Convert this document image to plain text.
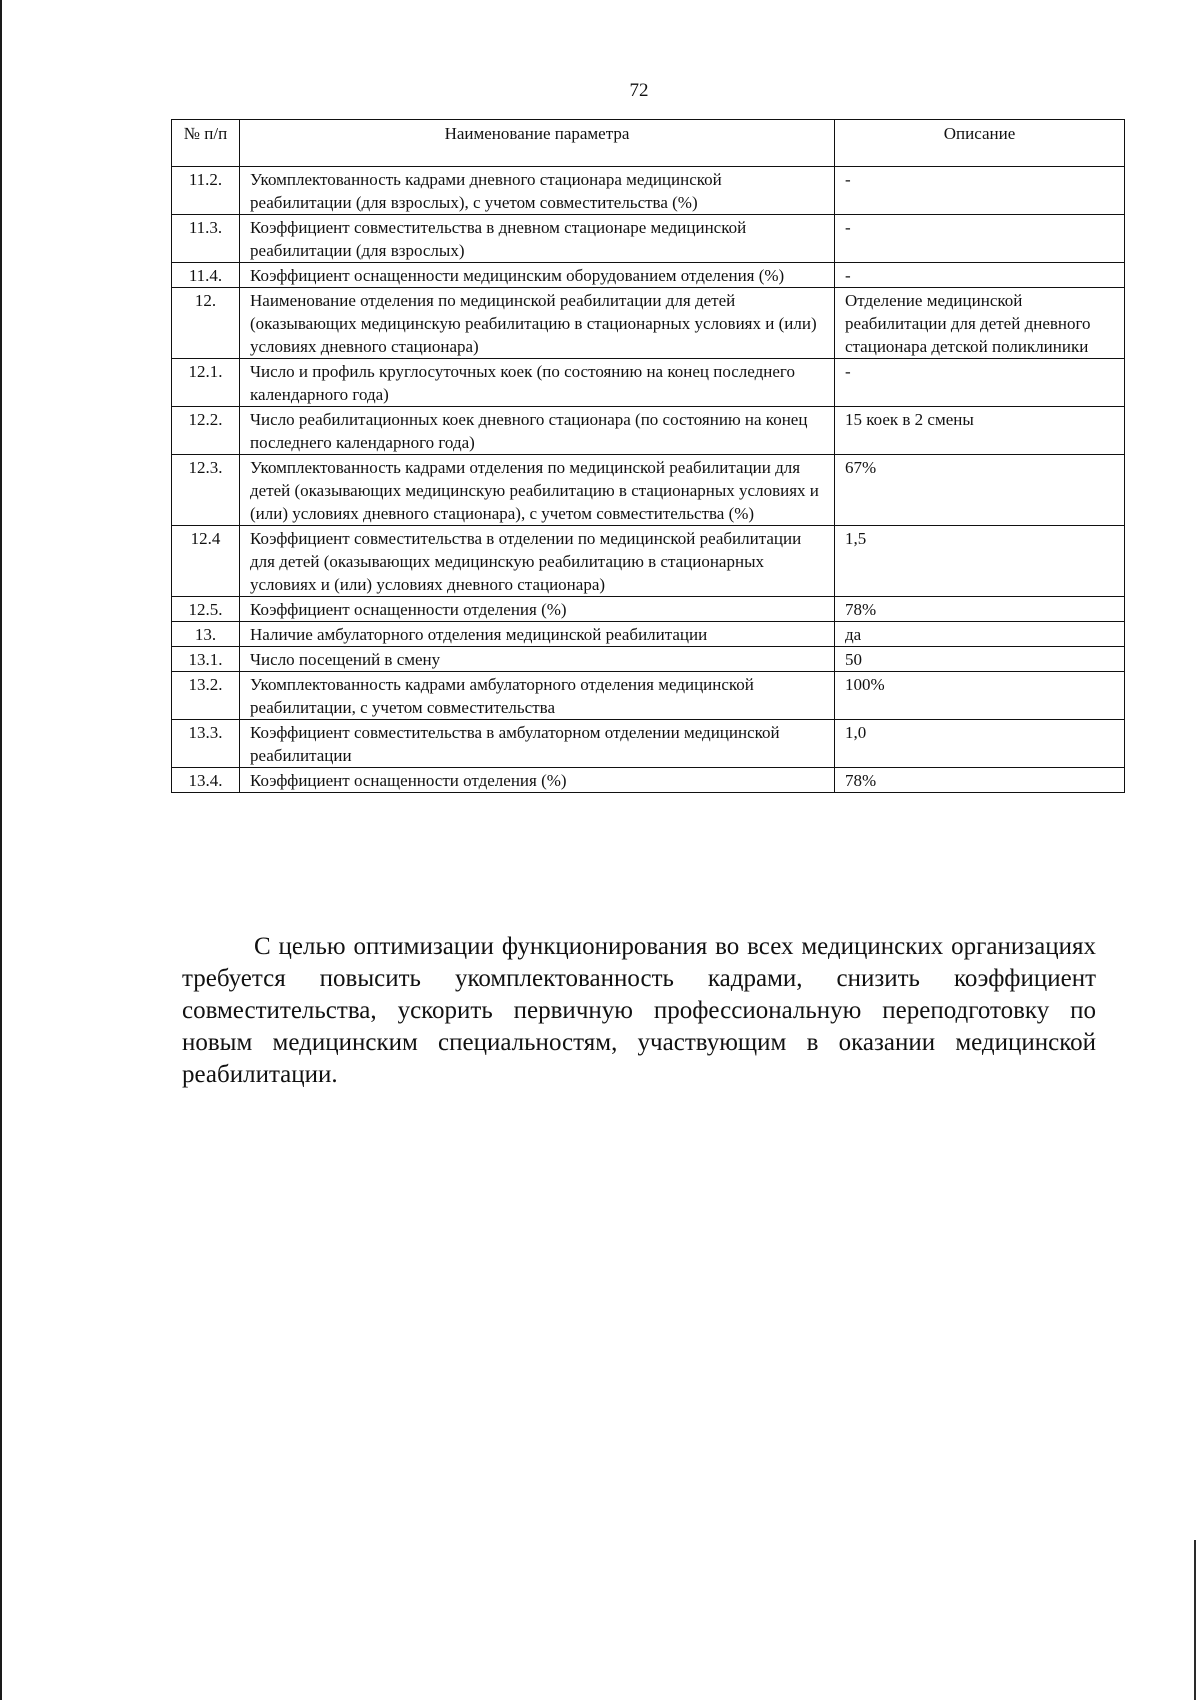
72
№ п/п	Наименование параметра	Описание
11.2.	Укомплектованность кадрами дневного стационара медицинской реабилитации (для взрослых), с учетом совместительства (%)	-
11.3.	Коэффициент совместительства в дневном стационаре медицинской реабилитации (для взрослых)	-
11.4.	Коэффициент оснащенности медицинским оборудованием отделения (%)	-
12.	Наименование отделения по медицинской реабилитации для детей (оказывающих медицинскую реабилитацию в стационарных условиях и (или) условиях дневного стационара)	Отделение медицинской реабилитации для детей дневного стационара детской поликлиники
12.1.	Число и профиль круглосуточных коек (по состоянию на конец последнего календарного года)	-
12.2.	Число реабилитационных коек дневного стационара (по состоянию на конец последнего календарного года)	15 коек в 2 смены
12.3.	Укомплектованность кадрами отделения по медицинской реабилитации для детей (оказывающих медицинскую реабилитацию в стационарных условиях и (или) условиях дневного стационара), с учетом совместительства (%)	67%
12.4	Коэффициент совместительства в отделении по медицинской реабилитации для детей (оказывающих медицинскую реабилитацию в стационарных условиях и (или) условиях дневного стационара)	1,5
12.5.	Коэффициент оснащенности отделения (%)	78%
13.	Наличие амбулаторного отделения медицинской реабилитации	да
13.1.	Число посещений в смену	50
13.2.	Укомплектованность кадрами амбулаторного отделения медицинской реабилитации, с учетом совместительства	100%
13.3.	Коэффициент совместительства в амбулаторном отделении медицинской реабилитации	1,0
13.4.	Коэффициент оснащенности отделения (%)	78%

С целью оптимизации функционирования во всех медицинских организациях требуется повысить укомплектованность кадрами, снизить коэффициент совместительства, ускорить первичную профессиональную переподготовку по новым медицинским специальностям, участвующим в оказании медицинской реабилитации.
